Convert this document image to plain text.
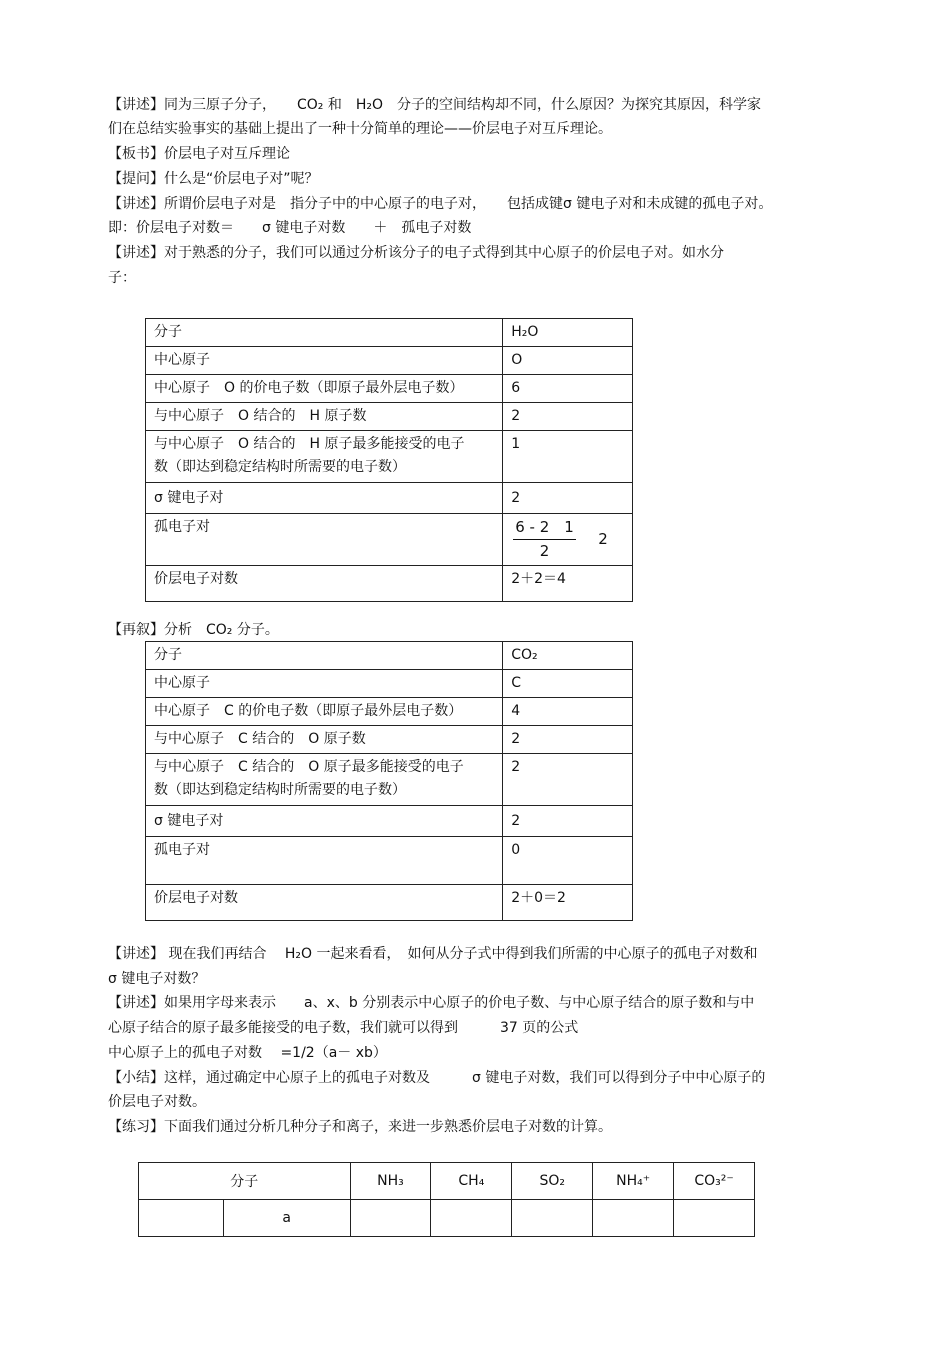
【讲述】同为三原子分子，　　CO₂ 和　H₂O　分子的空间结构却不同，什么原因？为探究其原因，科学家
们在总结实验事实的基础上提出了一种十分简单的理论——价层电子对互斥理论。
【板书】价层电子对互斥理论
【提问】什么是“价层电子对”呢？
【讲述】所谓价层电子对是　指分子中的中心原子的电子对，　　包括成键σ 键电子对和未成键的孤电子对。
即：价层电子对数＝　　σ 键电子对数　　＋　孤电子对数
【讲述】对于熟悉的分子，我们可以通过分析该分子的电子式得到其中心原子的价层电子对。如水分
子：
分子	H₂O
中心原子	O
中心原子　O 的价电子数（即原子最外层电子数）	6
与中心原子　O 结合的　H 原子数	2
与中心原子　O 结合的　H 原子最多能接受的电子
数（即达到稳定结构时所需要的电子数）	1
σ 键电子对	2
孤电子对	$\frac{6 - 2 1}{2} 2$
价层电子对数	2＋2＝4
【再叙】分析　CO₂ 分子。
分子	CO₂
中心原子	C
中心原子　C 的价电子数（即原子最外层电子数）	4
与中心原子　C 结合的　O 原子数	2
与中心原子　C 结合的　O 原子最多能接受的电子
数（即达到稳定结构时所需要的电子数）	2
σ 键电子对	2
孤电子对	0
价层电子对数	2＋0＝2
【讲述】 现在我们再结合　 H₂O 一起来看看，　如何从分子式中得到我们所需的中心原子的孤电子对数和
σ 键电子对数？
【讲述】如果用字母来表示　　a、x、b 分别表示中心原子的价电子数、与中心原子结合的原子数和与中
心原子结合的原子最多能接受的电子数，我们就可以得到　　　37 页的公式
中心原子上的孤电子对数　 =1/2（a－ xb）
【小结】这样，通过确定中心原子上的孤电子对数及　　　σ 键电子对数，我们可以得到分子中中心原子的
价层电子对数。
【练习】下面我们通过分析几种分子和离子，来进一步熟悉价层电子对数的计算。
分子		NH₃	CH₄	SO₂	NH₄⁺	CO₃²⁻
	a					
